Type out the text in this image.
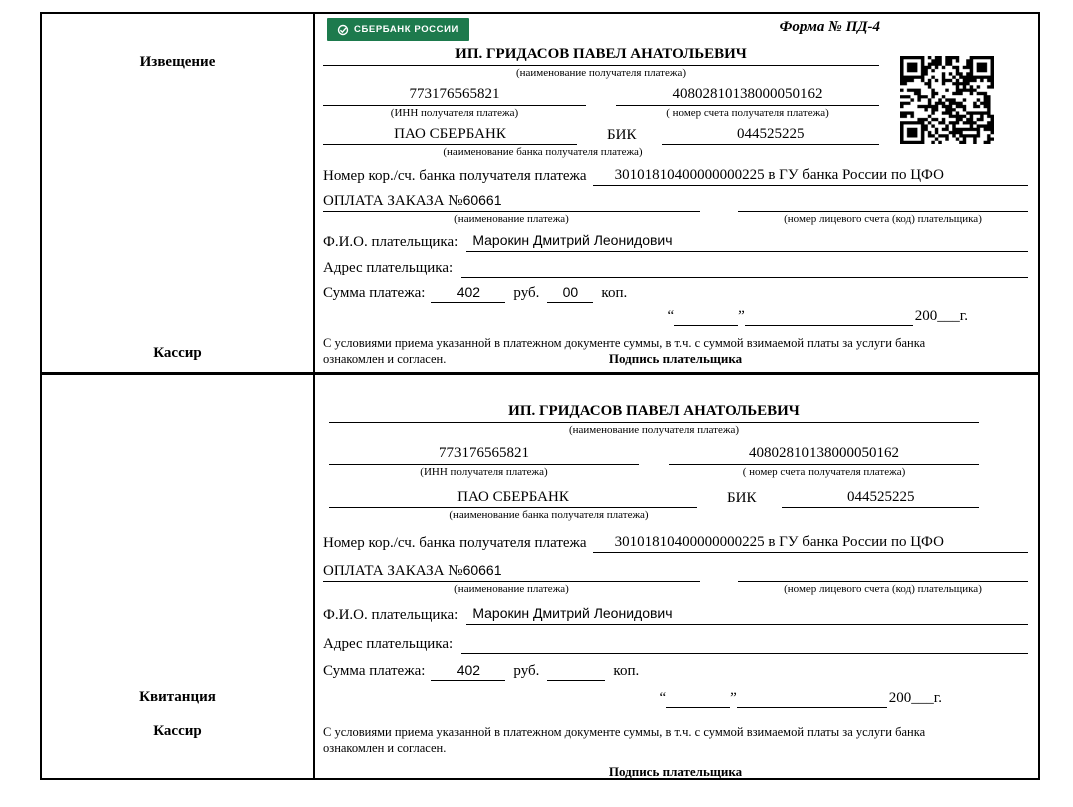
Извещение
Кассир
СБЕРБАНК РОССИИ	Форма № ПД-4
ИП. ГРИДАСОВ ПАВЕЛ АНАТОЛЬЕВИЧ
(наименование получателя платежа)
773176565821
(ИНН получателя платежа)
40802810138000050162
( номер счета получателя платежа)
ПАО СБЕРБАНК	БИК	044525225
(наименование банка получателя платежа)
Номер кор./сч. банка получателя платежа	30101810400000000225 в ГУ банка России по ЦФО
ОПЛАТА ЗАКАЗА №60661
(наименование платежа)	(номер лицевого счета (код) плательщика)
Ф.И.О. плательщика:	Марокин Дмитрий Леонидович
Адрес плательщика:
Сумма платежа:	402	руб.	00	коп.
“	”	200___г.
С условиями приема указанной в платежном документе суммы, в т.ч. с суммой взимаемой платы за услуги банка
ознакомлен и согласен.	Подпись плательщика
Квитанция
Кассир
ИП. ГРИДАСОВ ПАВЕЛ АНАТОЛЬЕВИЧ
(наименование получателя платежа)
773176565821
(ИНН получателя платежа)
40802810138000050162
( номер счета получателя платежа)
ПАО СБЕРБАНК	БИК	044525225
(наименование банка получателя платежа)
Номер кор./сч. банка получателя платежа	30101810400000000225 в ГУ банка России по ЦФО
ОПЛАТА ЗАКАЗА №60661
(наименование платежа)	(номер лицевого счета (код) плательщика)
Ф.И.О. плательщика:	Марокин Дмитрий Леонидович
Адрес плательщика:
Сумма платежа:	402	руб.	коп.
“	”	200___г.
С условиями приема указанной в платежном документе суммы, в т.ч. с суммой взимаемой платы за услуги банка
ознакомлен и согласен.
Подпись плательщика
